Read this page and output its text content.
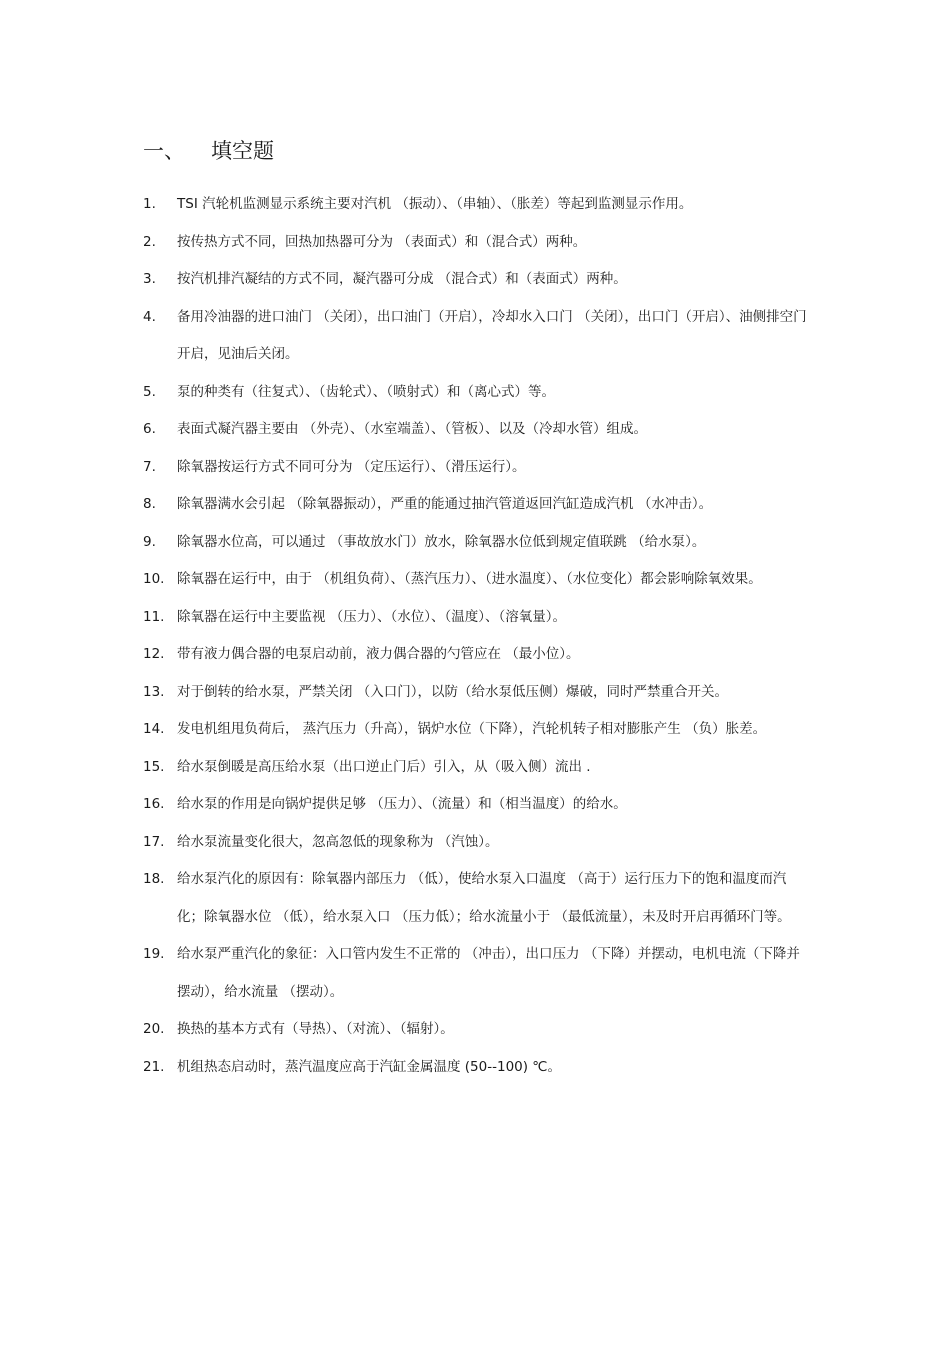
一、 填空题
1.	TSI 汽轮机监测显示系统主要对汽机 （振动）、（串轴）、（胀差）等起到监测显示作用。
2.	按传热方式不同，回热加热器可分为 （表面式）和（混合式）两种。
3.	按汽机排汽凝结的方式不同，凝汽器可分成 （混合式）和（表面式）两种。
4.	备用冷油器的进口油门 （关闭），出口油门（开启），冷却水入口门 （关闭），出口门（开启）、油侧排空门开启，见油后关闭。
5.	泵的种类有（往复式）、（齿轮式）、（喷射式）和（离心式）等。
6.	表面式凝汽器主要由 （外壳）、（水室端盖）、（管板）、以及（冷却水管）组成。
7.	除氧器按运行方式不同可分为 （定压运行）、（滑压运行）。
8.	除氧器满水会引起 （除氧器振动），严重的能通过抽汽管道返回汽缸造成汽机 （水冲击）。
9.	除氧器水位高，可以通过 （事故放水门）放水，除氧器水位低到规定值联跳 （给水泵）。
10. 除氧器在运行中，由于 （机组负荷）、（蒸汽压力）、（进水温度）、（水位变化）都会影响除氧效果。
11. 除氧器在运行中主要监视 （压力）、（水位）、（温度）、（溶氧量）。
12. 带有液力偶合器的电泵启动前，液力偶合器的勺管应在 （最小位）。
13. 对于倒转的给水泵，严禁关闭 （入口门），以防（给水泵低压侧）爆破，同时严禁重合开关。
14. 发电机组甩负荷后， 蒸汽压力（升高），锅炉水位（下降），汽轮机转子相对膨胀产生 （负）胀差。
15. 给水泵倒暖是高压给水泵（出口逆止门后）引入，从（吸入侧）流出 .
16. 给水泵的作用是向锅炉提供足够 （压力）、（流量）和（相当温度）的给水。
17. 给水泵流量变化很大，忽高忽低的现象称为 （汽蚀）。
18. 给水泵汽化的原因有：除氧器内部压力 （低），使给水泵入口温度 （高于）运行压力下的饱和温度而汽化；除氧器水位 （低），给水泵入口 （压力低）；给水流量小于 （最低流量），未及时开启再循环门等。
19. 给水泵严重汽化的象征：入口管内发生不正常的 （冲击），出口压力 （下降）并摆动，电机电流（下降并摆动），给水流量 （摆动）。
20. 换热的基本方式有（导热）、（对流）、（辐射）。
21. 机组热态启动时，蒸汽温度应高于汽缸金属温度 (50--100) ℃。
